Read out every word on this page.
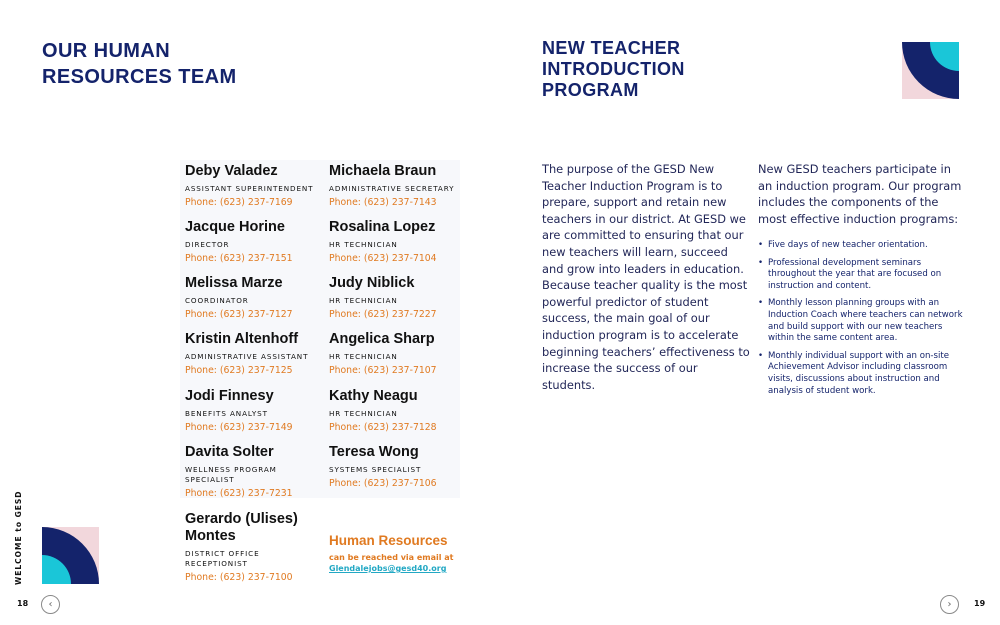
OUR HUMAN
RESOURCES TEAM
Deby Valadez
ASSISTANT SUPERINTENDENT
Phone: (623) 237-7169
Jacque Horine
DIRECTOR
Phone: (623) 237-7151
Melissa Marze
COORDINATOR
Phone: (623) 237-7127
Kristin Altenhoff
ADMINISTRATIVE ASSISTANT
Phone: (623) 237-7125
Jodi Finnesy
BENEFITS ANALYST
Phone: (623) 237-7149
Davita Solter
WELLNESS PROGRAM SPECIALIST
Phone: (623) 237-7231
Gerardo (Ulises) Montes
DISTRICT OFFICE RECEPTIONIST
Phone: (623) 237-7100
Michaela Braun
ADMINISTRATIVE SECRETARY
Phone: (623) 237-7143
Rosalina Lopez
HR TECHNICIAN
Phone: (623) 237-7104
Judy Niblick
HR TECHNICIAN
Phone: (623) 237-7227
Angelica Sharp
HR TECHNICIAN
Phone: (623) 237-7107
Kathy Neagu
HR TECHNICIAN
Phone: (623) 237-7128
Teresa Wong
SYSTEMS SPECIALIST
Phone: (623) 237-7106
Human Resources
can be reached via email at
Glendalejobs@gesd40.org
WELCOME to GESD
18 ‹
NEW TEACHER
INTRODUCTION
PROGRAM
The purpose of the GESD New Teacher Induction Program is to prepare, support and retain new teachers in our district. At GESD we are committed to ensuring that our new teachers will learn, succeed and grow into leaders in education. Because teacher quality is the most powerful predictor of student success, the main goal of our induction program is to accelerate beginning teachers’ effectiveness to increase the success of our students.
New GESD teachers participate in an induction program. Our program includes the components of the most effective induction programs:
• Five days of new teacher orientation.
• Professional development seminars throughout the year that are focused on instruction and content.
• Monthly lesson planning groups with an Induction Coach where teachers can network and build support with our new teachers within the same content area.
• Monthly individual support with an on-site Achievement Advisor including classroom visits, discussions about instruction and analysis of student work.
›	19
